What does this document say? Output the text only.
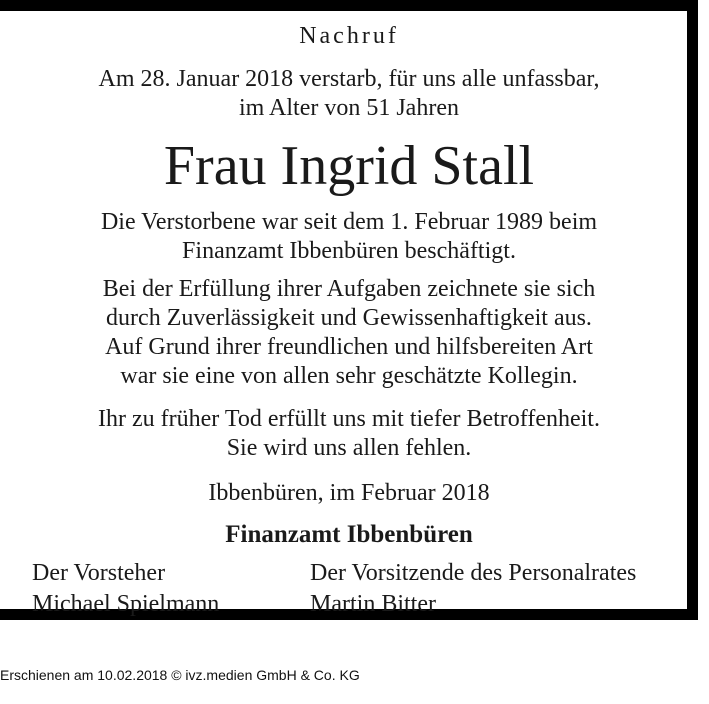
Nachruf
Am 28. Januar 2018 verstarb, für uns alle unfassbar,
im Alter von 51 Jahren
Frau Ingrid Stall
Die Verstorbene war seit dem 1. Februar 1989 beim
Finanzamt Ibbenbüren beschäftigt.
Bei der Erfüllung ihrer Aufgaben zeichnete sie sich
durch Zuverlässigkeit und Gewissenhaftigkeit aus.
Auf Grund ihrer freundlichen und hilfsbereiten Art
war sie eine von allen sehr geschätzte Kollegin.
Ihr zu früher Tod erfüllt uns mit tiefer Betroffenheit.
Sie wird uns allen fehlen.
Ibbenbüren, im Februar 2018
Finanzamt Ibbenbüren
Der Vorsteher
Michael Spielmann
Der Vorsitzende des Personalrates
Martin Bitter
Erschienen am 10.02.2018 © ivz.medien GmbH & Co. KG
